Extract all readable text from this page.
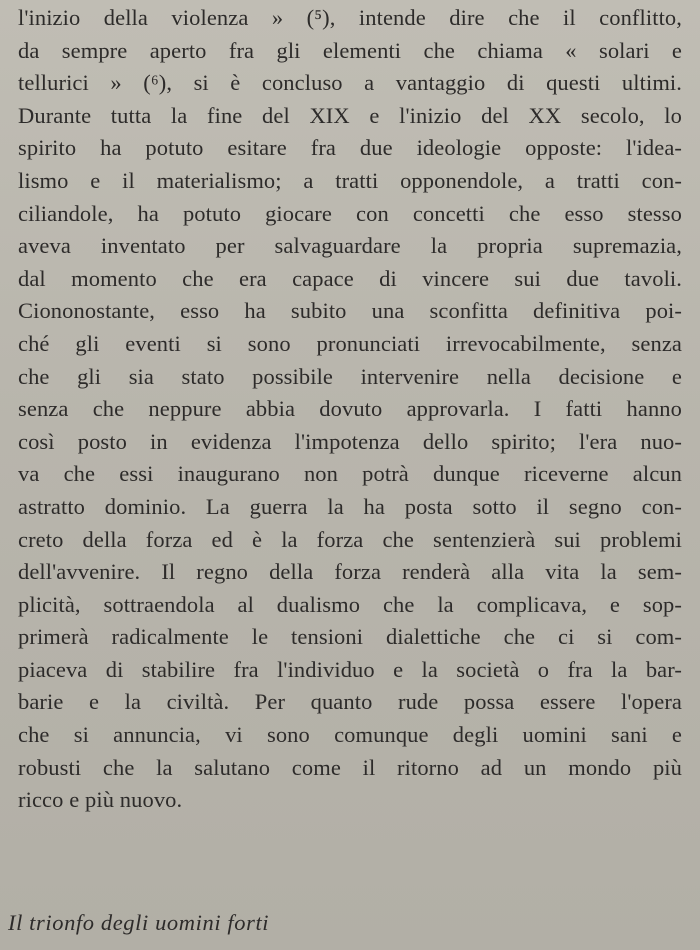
l'inizio della violenza » (⁵), intende dire che il conflitto,
da sempre aperto fra gli elementi che chiama « solari e
tellurici » (⁶), si è concluso a vantaggio di questi ultimi.
Durante tutta la fine del XIX e l'inizio del XX secolo, lo
spirito ha potuto esitare fra due ideologie opposte: l'idea-
lismo e il materialismo; a tratti opponendole, a tratti con-
ciliandole, ha potuto giocare con concetti che esso stesso
aveva inventato per salvaguardare la propria supremazia,
dal momento che era capace di vincere sui due tavoli.
Ciononostante, esso ha subito una sconfitta definitiva poi-
ché gli eventi si sono pronunciati irrevocabilmente, senza
che gli sia stato possibile intervenire nella decisione e
senza che neppure abbia dovuto approvarla. I fatti hanno
così posto in evidenza l'impotenza dello spirito; l'era nuo-
va che essi inaugurano non potrà dunque riceverne alcun
astratto dominio. La guerra la ha posta sotto il segno con-
creto della forza ed è la forza che sentenzierà sui problemi
dell'avvenire. Il regno della forza renderà alla vita la sem-
plicità, sottraendola al dualismo che la complicava, e sop-
primerà radicalmente le tensioni dialettiche che ci si com-
piaceva di stabilire fra l'individuo e la società o fra la bar-
barie e la civiltà. Per quanto rude possa essere l'opera
che si annuncia, vi sono comunque degli uomini sani e
robusti che la salutano come il ritorno ad un mondo più
ricco e più nuovo.
Il trionfo degli uomini forti
